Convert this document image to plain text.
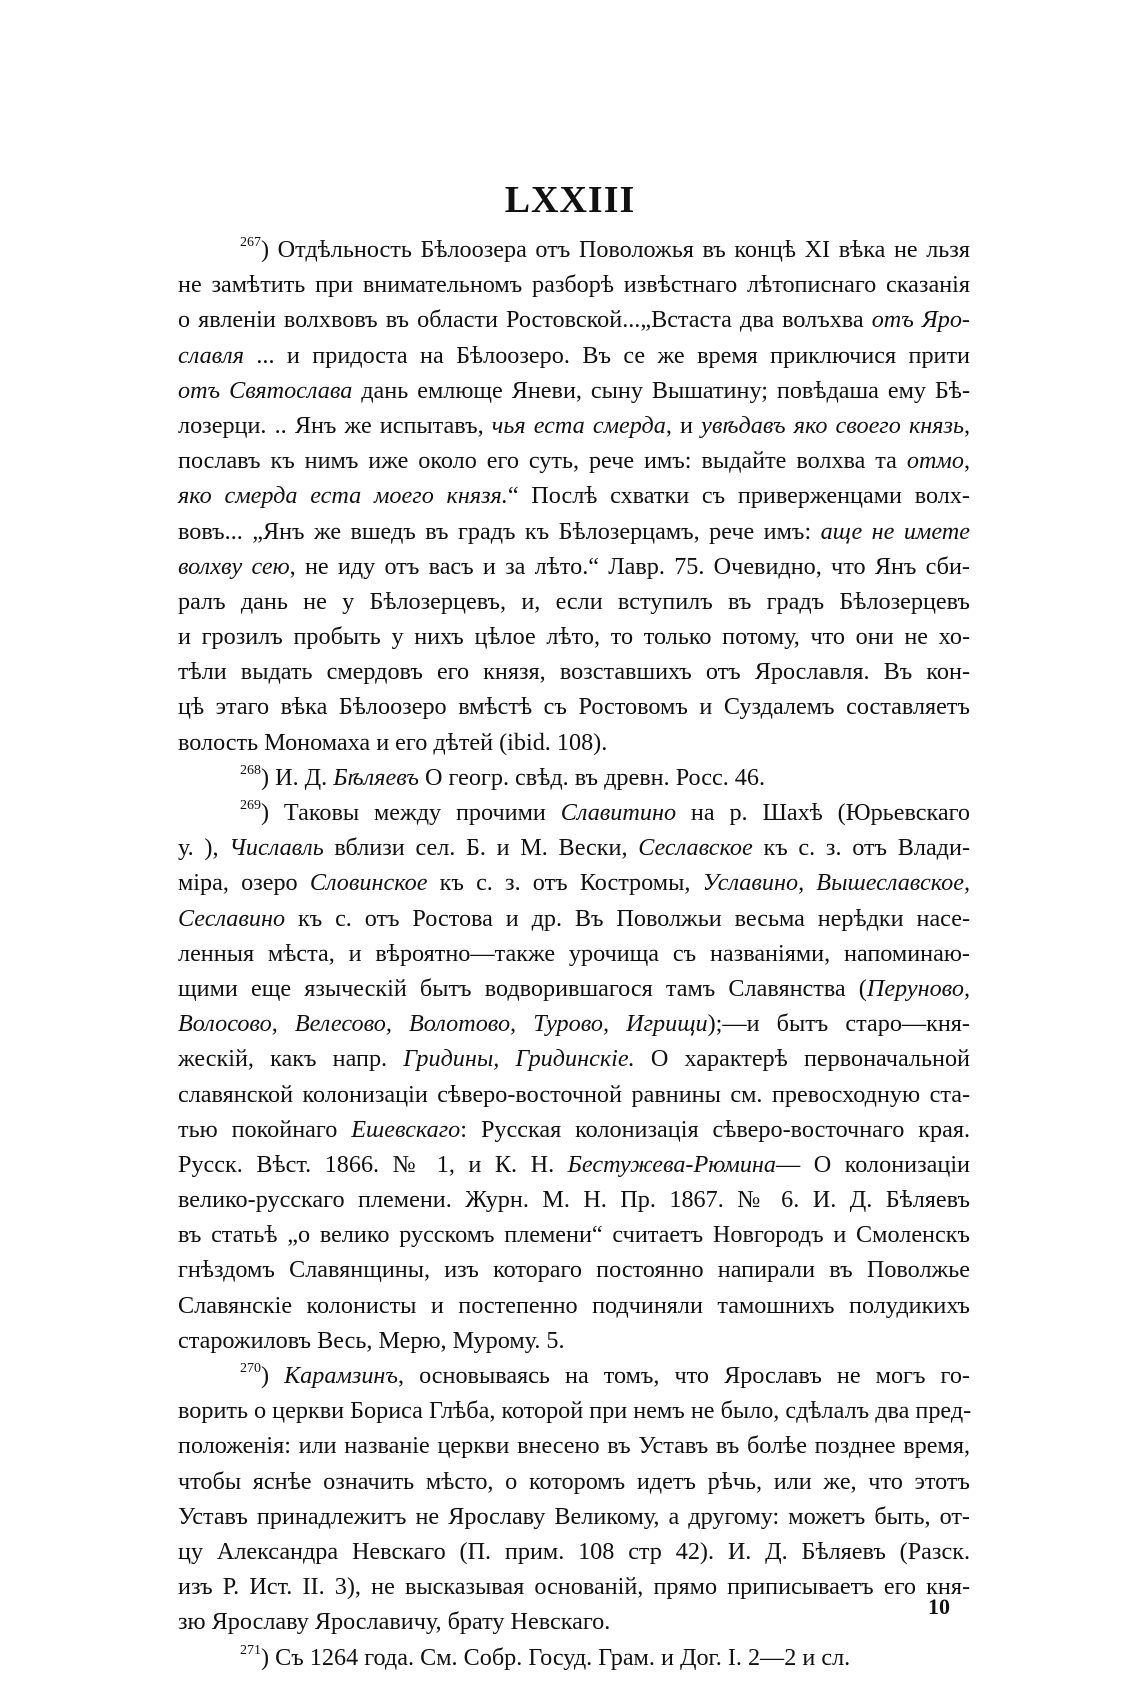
LXXIII
$^{267}$) Отдѣльность Бѣлоозера отъ Поволожья въ концѣ XI вѣка не льзя
не замѣтить при внимательномъ разборѣ извѣстнаго лѣтописнаго сказанія
о явленіи волхвовъ въ области Ростовской...„Встаста два волъхва отъ Яро-
славля ... и придоста на Бѣлоозеро. Въ се же время приключися прити
отъ Святослава дань емлюще Яневи, сыну Вышатину; повѣдаша ему Бѣ-
лозерци. .. Янъ же испытавъ, чья еста смерда, и увѣдавъ яко своего князь,
пославъ къ нимъ иже около его суть, рече имъ: выдайте волхва та отмо,
яко смерда еста моего князя.“ Послѣ схватки съ приверженцами волх-
вовъ... „Янъ же вшедъ въ градъ къ Бѣлозерцамъ, рече имъ: аще не имете
волхву сею, не иду отъ васъ и за лѣто.“ Лавр. 75. Очевидно, что Янъ сби-
ралъ дань не у Бѣлозерцевъ, и, если вступилъ въ градъ Бѣлозерцевъ
и грозилъ пробыть у нихъ цѣлое лѣто, то только потому, что они не хо-
тѣли выдать смердовъ его князя, возставшихъ отъ Ярославля. Въ кон-
цѣ этаго вѣка Бѣлоозеро вмѣстѣ съ Ростовомъ и Суздалемъ составляетъ
волость Мономаха и его дѣтей (ibid. 108).
$^{268}$) И. Д. Бѣляевъ О геогр. свѣд. въ древн. Росс. 46.
$^{269}$) Таковы между прочими Славитино на р. Шахѣ (Юрьевскаго
у. ), Числавль вблизи сел. Б. и М. Вески, Сеславское къ с. з. отъ Влади-
міра, озеро Словинское къ с. з. отъ Костромы, Уславино, Вышеславское,
Сеславино къ с. отъ Ростова и др. Въ Поволжьи весьма нерѣдки насе-
ленныя мѣста, и вѣроятно—также урочища съ названіями, напоминаю-
щими еще языческій бытъ водворившагося тамъ Славянства (Перуново,
Волосово, Велесово, Волотово, Турово, Игрищи);—и бытъ старо—кня-
жескій, какъ напр. Гридины, Гридинскіе. О характерѣ первоначальной
славянской колонизаціи сѣверо-восточной равнины см. превосходную ста-
тью покойнаго Ешевскаго: Русская колонизація сѣверо-восточнаго края.
Русск. Вѣст. 1866. № 1, и К. Н. Бестужева-Рюмина— О колонизаціи
велико-русскаго племени. Журн. М. Н. Пр. 1867. № 6. И. Д. Бѣляевъ
въ статьѣ „о велико русскомъ племени“ считаетъ Новгородъ и Смоленскъ
гнѣздомъ Славянщины, изъ котораго постоянно напирали въ Поволжье
Славянскіе колонисты и постепенно подчиняли тамошнихъ полудикихъ
старожиловъ Весь, Мерю, Мурому. 5.
$^{270}$) Карамзинъ, основываясь на томъ, что Ярославъ не могъ го-
ворить о церкви Бориса Глѣба, которой при немъ не было, сдѣлалъ два пред-
положенія: или названіе церкви внесено въ Уставъ въ болѣе позднее время,
чтобы яснѣе означить мѣсто, о которомъ идетъ рѣчь, или же, что этотъ
Уставъ принадлежитъ не Ярославу Великому, а другому: можетъ быть, от-
цу Александра Невскаго (П. прим. 108 стр 42). И. Д. Бѣляевъ (Разск.
изъ Р. Ист. II. 3), не высказывая основаній, прямо приписываетъ его кня-
зю Ярославу Ярославичу, брату Невскаго.
$^{271}$) Съ 1264 года. См. Собр. Госуд. Грам. и Дог. I. 2—2 и сл.
10
